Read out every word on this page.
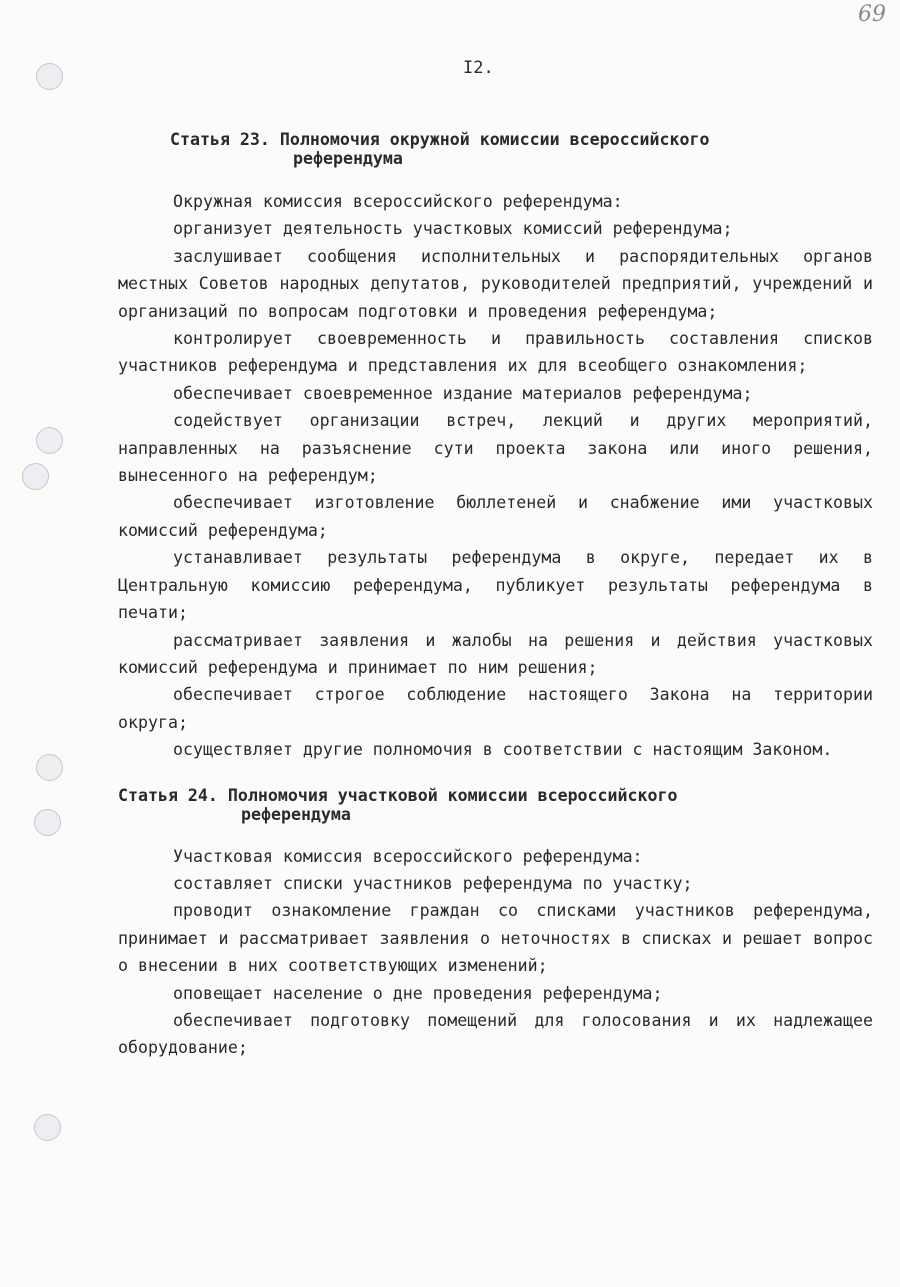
69
I2.
Статья 23. Полномочия окружной комиссии всероссийского
референдума

Окружная комиссия всероссийского референдума:

организует деятельность участковых комиссий референдума;

заслушивает сообщения исполнительных и распорядительных органов местных Советов народных депутатов, руководителей предприятий, учреждений и организаций по вопросам подготовки и проведения референдума;

контролирует своевременность и правильность составления списков участников референдума и представления их для всеобщего ознакомления;

обеспечивает своевременное издание материалов референдума;

содействует организации встреч, лекций и других мероприятий, направленных на разъяснение сути проекта закона или иного решения, вынесенного на референдум;

обеспечивает изготовление бюллетеней и снабжение ими участковых комиссий референдума;

устанавливает результаты референдума в округе, передает их в Центральную комиссию референдума, публикует результаты референдума в печати;

рассматривает заявления и жалобы на решения и действия участковых комиссий референдума и принимает по ним решения;

обеспечивает строгое соблюдение настоящего Закона на территории округа;

осуществляет другие полномочия в соответствии с настоящим Законом.

Статья 24. Полномочия участковой комиссии всероссийского
референдума

Участковая комиссия всероссийского референдума:

составляет списки участников референдума по участку;

проводит ознакомление граждан со списками участников референдума, принимает и рассматривает заявления о неточностях в списках и решает вопрос о внесении в них соответствующих изменений;

оповещает население о дне проведения референдума;

обеспечивает подготовку помещений для голосования и их надлежащее оборудование;
